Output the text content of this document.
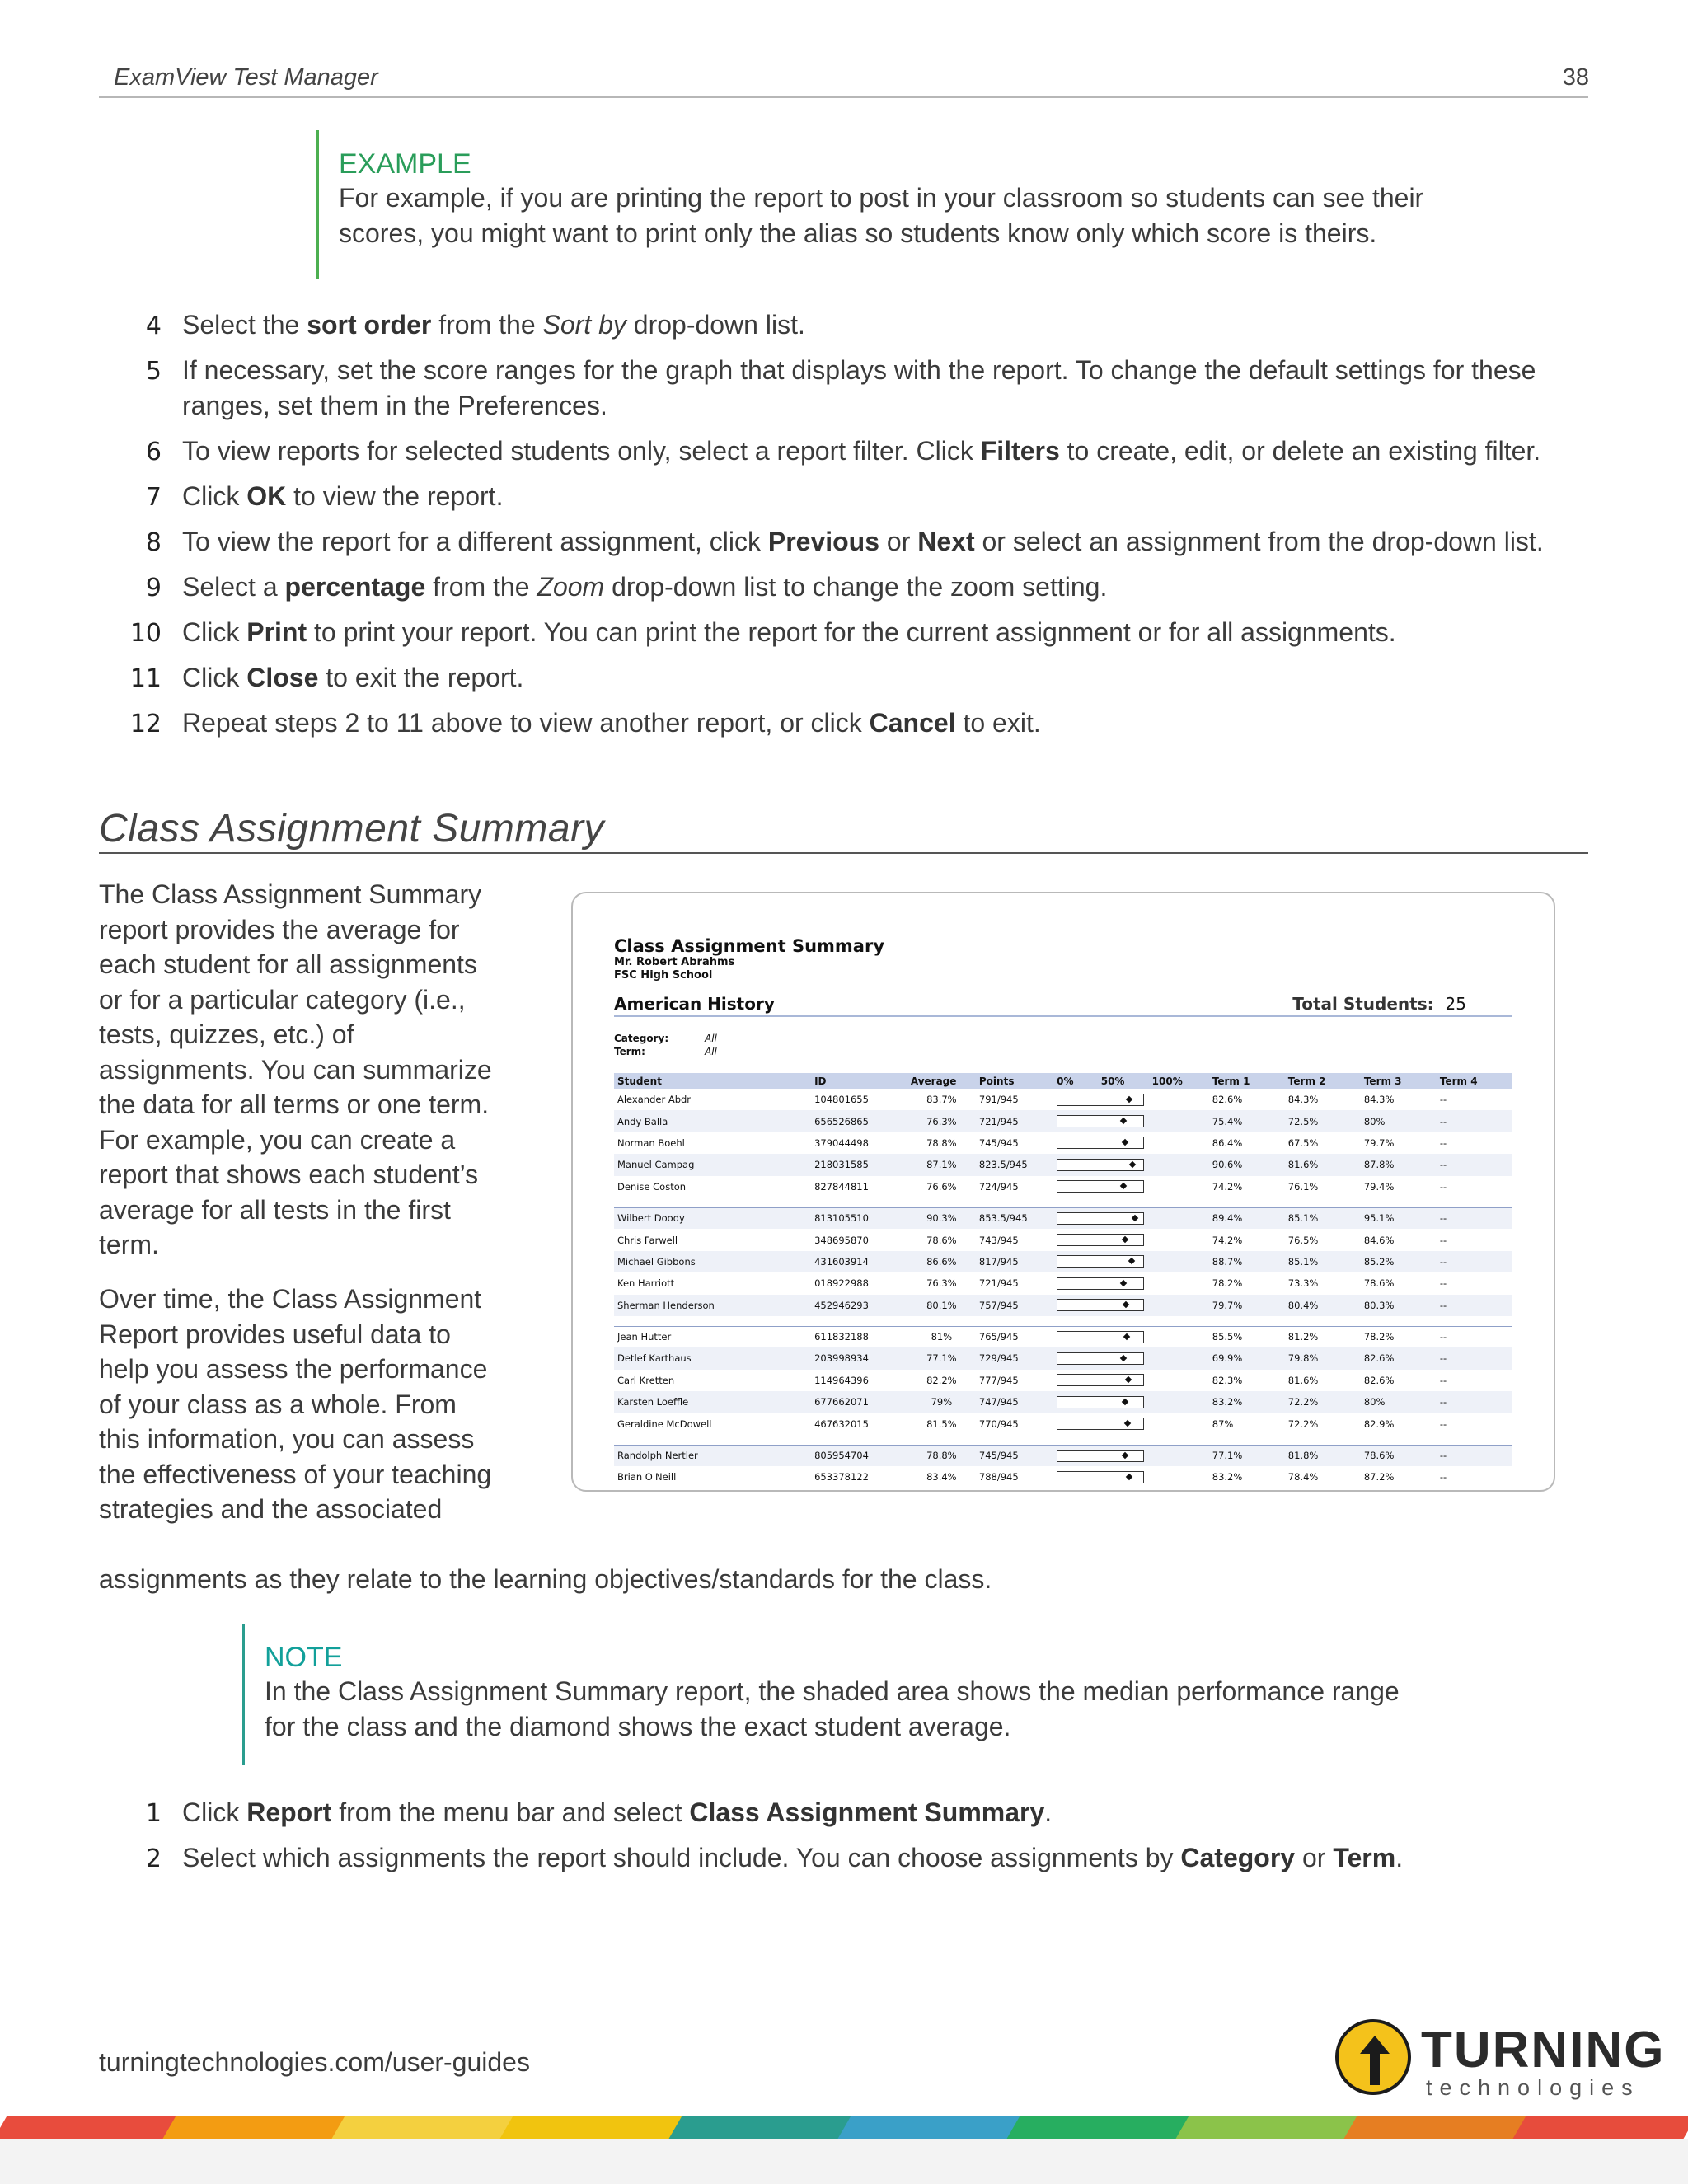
ExamView Test Manager	38
EXAMPLE
For example, if you are printing the report to post in your classroom so students can see their
scores, you might want to print only the alias so students know only which score is theirs.
4 Select the sort order from the Sort by drop-down list.
5 If necessary, set the score ranges for the graph that displays with the report. To change the default settings for these ranges, set them in the Preferences.
6 To view reports for selected students only, select a report filter. Click Filters to create, edit, or delete an existing filter.
7 Click OK to view the report.
8 To view the report for a different assignment, click Previous or Next or select an assignment from the drop-down list.
9 Select a percentage from the Zoom drop-down list to change the zoom setting.
10 Click Print to print your report. You can print the report for the current assignment or for all assignments.
11 Click Close to exit the report.
12 Repeat steps 2 to 11 above to view another report, or click Cancel to exit.
Class Assignment Summary
The Class Assignment Summary report provides the average for each student for all assignments or for a particular category (i.e., tests, quizzes, etc.) of assignments. You can summarize the data for all terms or one term. For example, you can create a report that shows each student’s average for all tests in the first term.
Over time, the Class Assignment Report provides useful data to help you assess the performance of your class as a whole. From this information, you can assess the effectiveness of your teaching strategies and the associated
assignments as they relate to the learning objectives/standards for the class.
Class Assignment Summary
Mr. Robert Abrahms
FSC High School
American History	Total Students: 25
Category:	All
Term:	All
Student	ID	Average	Points	0% 50% 100%	Term 1	Term 2	Term 3	Term 4
Alexander Abdr	104801655	83.7%	791/945		82.6%	84.3%	84.3%	--
Andy Balla	656526865	76.3%	721/945		75.4%	72.5%	80%	--
Norman Boehl	379044498	78.8%	745/945		86.4%	67.5%	79.7%	--
Manuel Campag	218031585	87.1%	823.5/945		90.6%	81.6%	87.8%	--
Denise Coston	827844811	76.6%	724/945		74.2%	76.1%	79.4%	--
Wilbert Doody	813105510	90.3%	853.5/945		89.4%	85.1%	95.1%	--
Chris Farwell	348695870	78.6%	743/945		74.2%	76.5%	84.6%	--
Michael Gibbons	431603914	86.6%	817/945		88.7%	85.1%	85.2%	--
Ken Harriott	018922988	76.3%	721/945		78.2%	73.3%	78.6%	--
Sherman Henderson	452946293	80.1%	757/945		79.7%	80.4%	80.3%	--
Jean Hutter	611832188	81%	765/945		85.5%	81.2%	78.2%	--
Detlef Karthaus	203998934	77.1%	729/945		69.9%	79.8%	82.6%	--
Carl Kretten	114964396	82.2%	777/945		82.3%	81.6%	82.6%	--
Karsten Loeffle	677662071	79%	747/945		83.2%	72.2%	80%	--
Geraldine McDowell	467632015	81.5%	770/945		87%	72.2%	82.9%	--
Randolph Nertler	805954704	78.8%	745/945		77.1%	81.8%	78.6%	--
Brian O'Neill	653378122	83.4%	788/945		83.2%	78.4%	87.2%	--
NOTE
In the Class Assignment Summary report, the shaded area shows the median performance range
for the class and the diamond shows the exact student average.
1 Click Report from the menu bar and select Class Assignment Summary.
2 Select which assignments the report should include. You can choose assignments by Category or Term.
turningtechnologies.com/user-guides	TURNING
technologies
